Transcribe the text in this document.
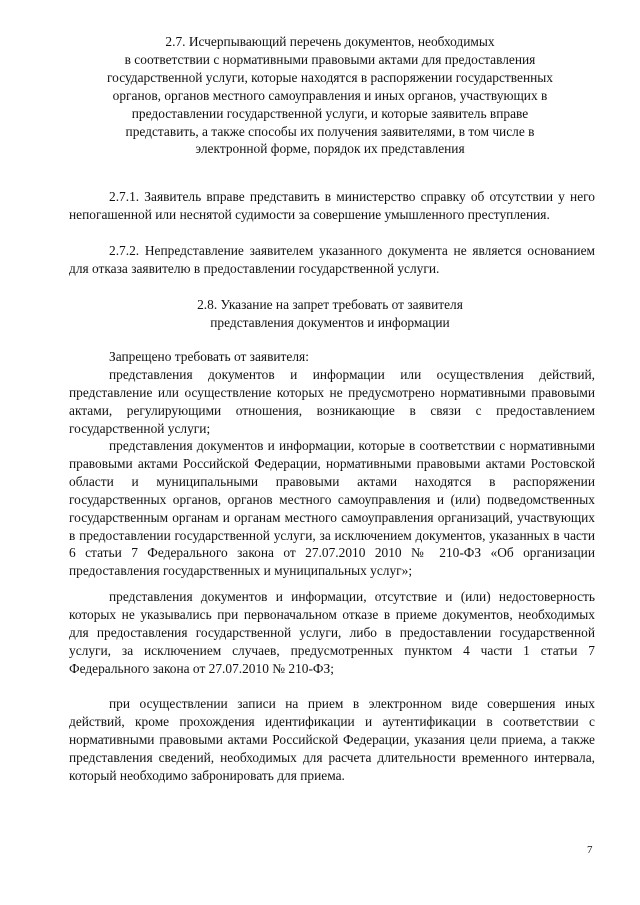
2.7. Исчерпывающий перечень документов, необходимых
в соответствии с нормативными правовыми актами для предоставления
государственной услуги, которые находятся в распоряжении государственных
органов, органов местного самоуправления и иных органов, участвующих в
предоставлении государственной услуги, и которые заявитель вправе
представить, а также способы их получения заявителями, в том числе в
электронной форме, порядок их представления
2.7.1. Заявитель вправе представить в министерство справку об отсутствии у него непогашенной или неснятой судимости за совершение умышленного преступления.
2.7.2. Непредставление заявителем указанного документа не является основанием для отказа заявителю в предоставлении государственной услуги.
2.8. Указание на запрет требовать от заявителя
представления документов и информации
Запрещено требовать от заявителя:
представления документов и информации или осуществления действий, представление или осуществление которых не предусмотрено нормативными правовыми актами, регулирующими отношения, возникающие в связи с предоставлением государственной услуги;
представления документов и информации, которые в соответствии с нормативными правовыми актами Российской Федерации, нормативными правовыми актами Ростовской области и муниципальными правовыми актами находятся в распоряжении государственных органов, органов местного самоуправления и (или) подведомственных государственным органам и органам местного самоуправления организаций, участвующих в предоставлении государственной услуги, за исключением документов, указанных в части 6 статьи 7 Федерального закона от 27.07.2010 2010 № 210-ФЗ «Об организации предоставления государственных и муниципальных услуг»;
представления документов и информации, отсутствие и (или) недостоверность которых не указывались при первоначальном отказе в приеме документов, необходимых для предоставления государственной услуги, либо в предоставлении государственной услуги, за исключением случаев, предусмотренных пунктом 4 части 1 статьи 7 Федерального закона от 27.07.2010 № 210-ФЗ;
при осуществлении записи на прием в электронном виде совершения иных действий, кроме прохождения идентификации и аутентификации в соответствии с нормативными правовыми актами Российской Федерации, указания цели приема, а также представления сведений, необходимых для расчета длительности временного интервала, который необходимо забронировать для приема.
7
